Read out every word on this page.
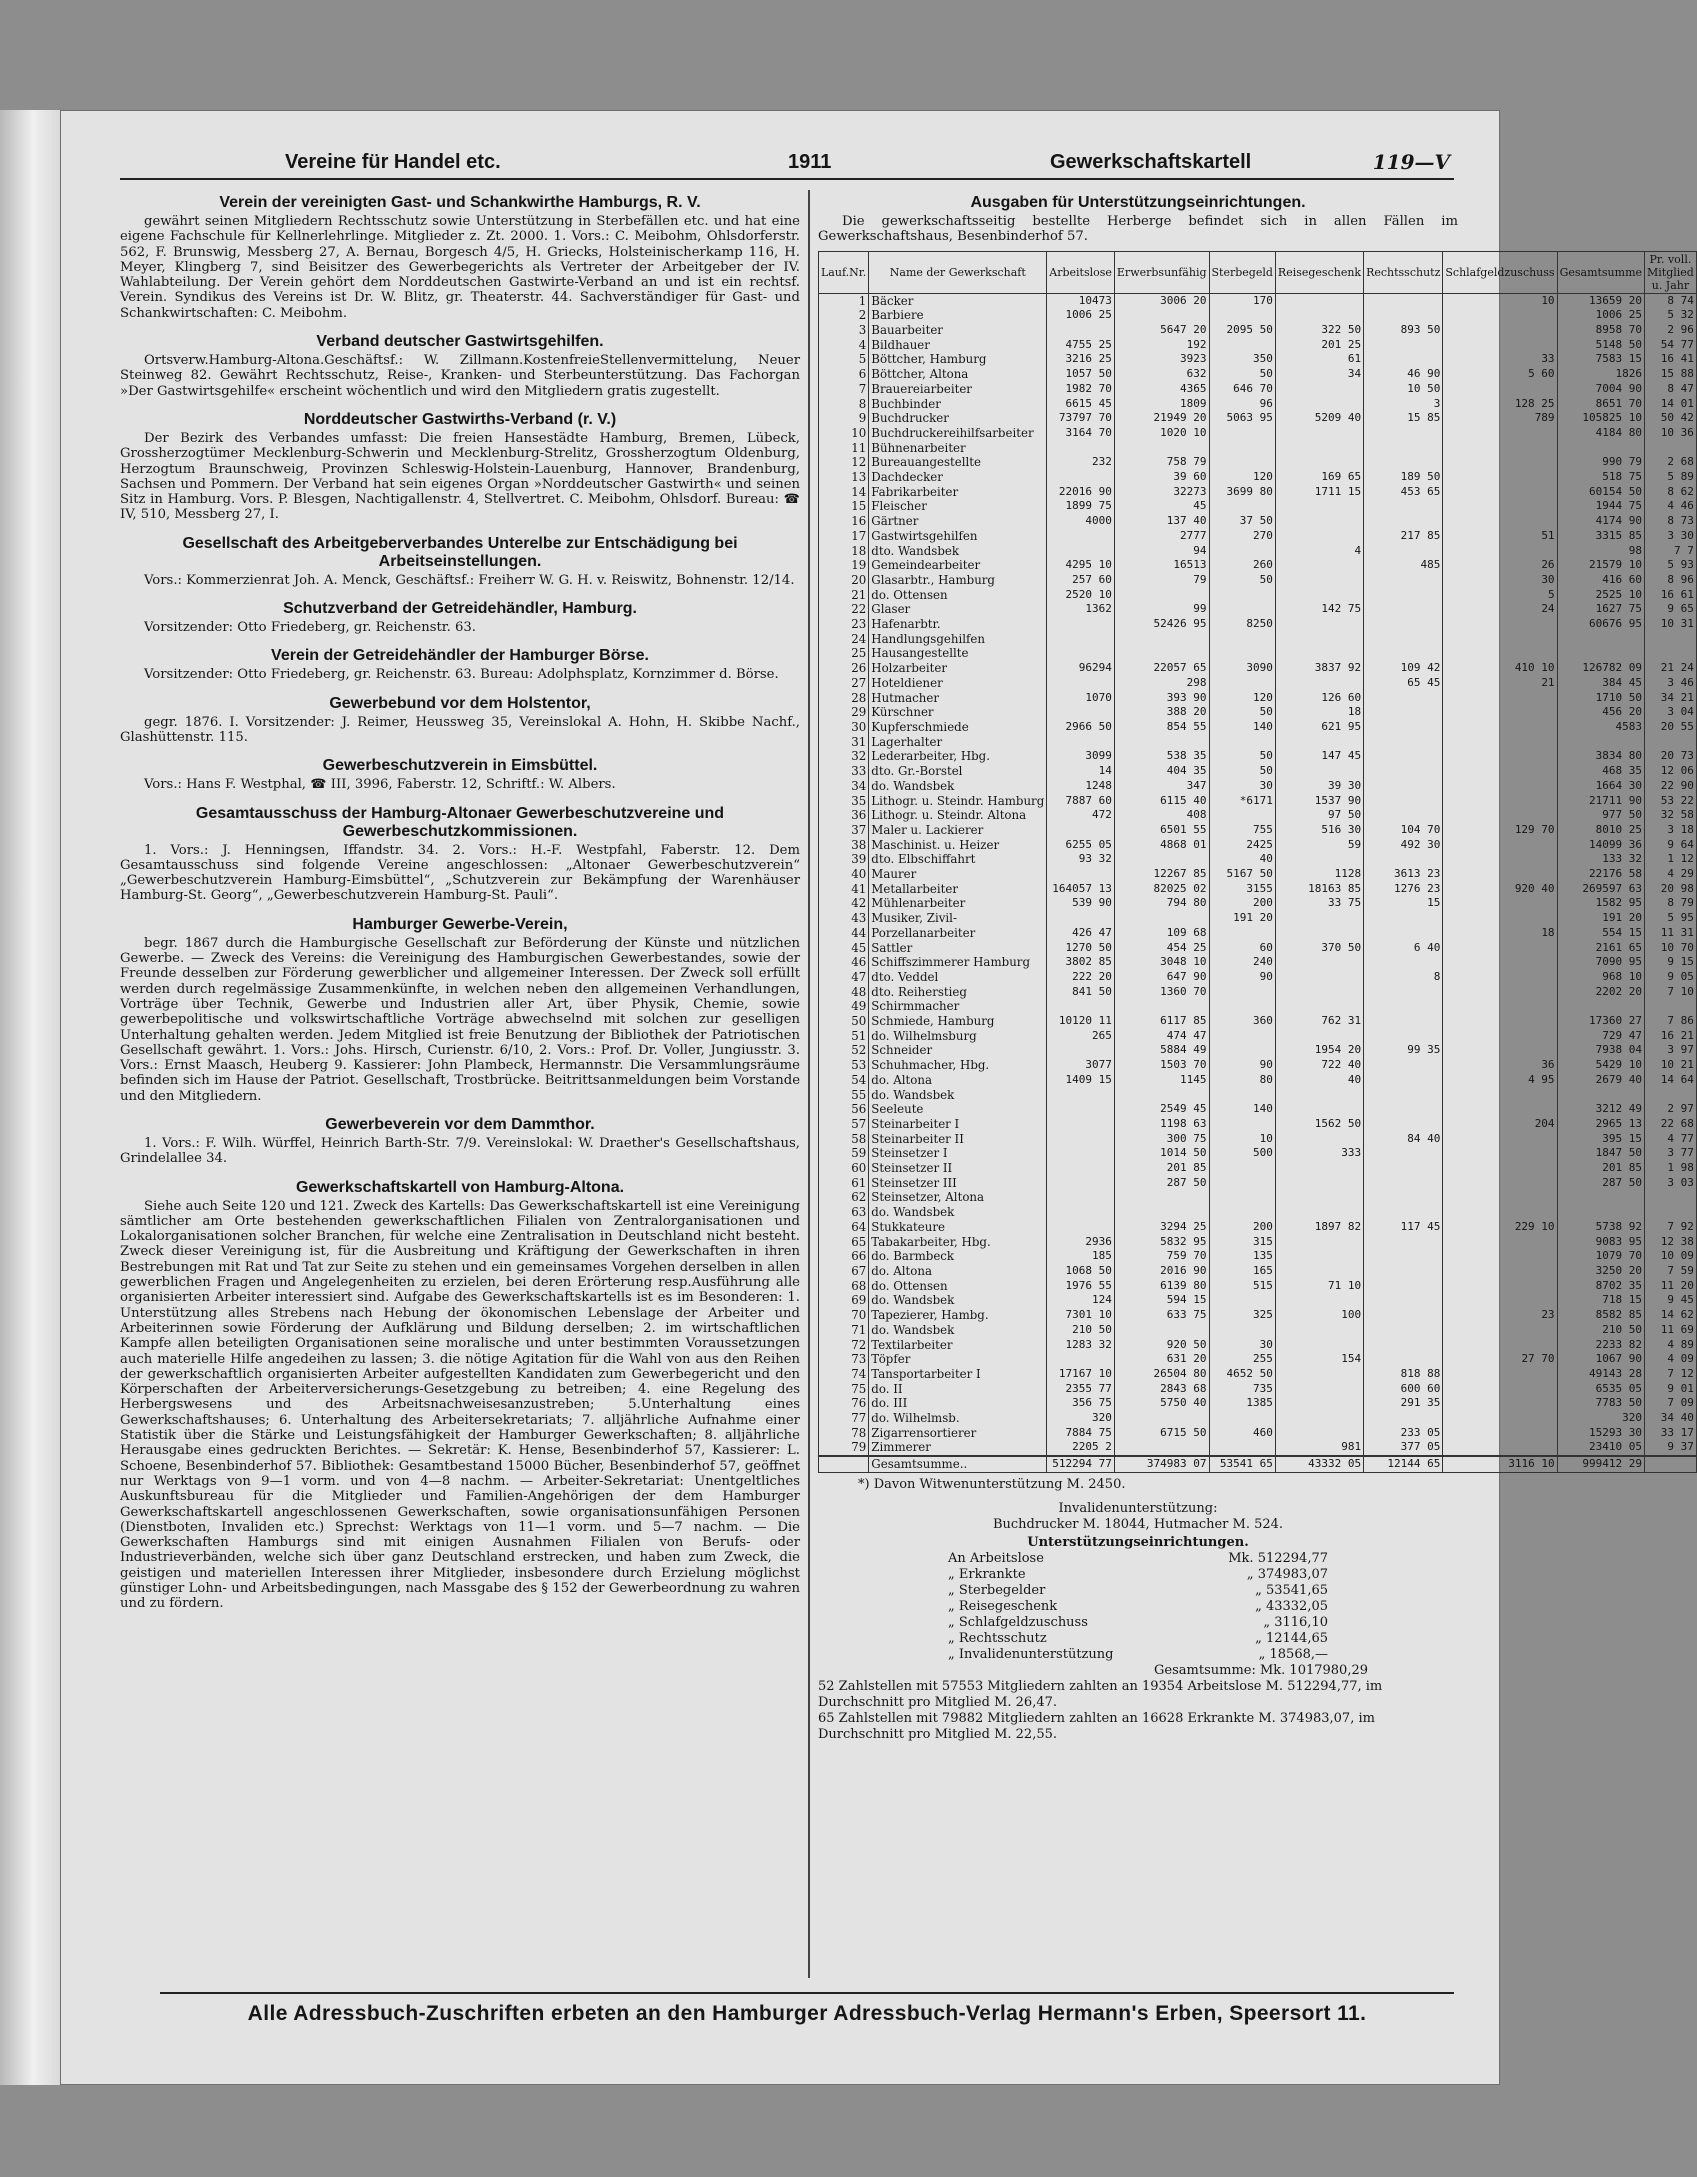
Vereine für Handel etc.	1911	Gewerkschaftskartell	119—V
Verein der vereinigten Gast- und Schankwirthe Hamburgs, R. V.

gewährt seinen Mitgliedern Rechtsschutz sowie Unterstützung in Sterbefällen etc. und hat eine eigene Fachschule für Kellnerlehrlinge. Mitglieder z. Zt. 2000. 1. Vors.: C. Meibohm, Ohlsdorferstr. 562, F. Brunswig, Messberg 27, A. Bernau, Borgesch 4/5, H. Griecks, Holsteinischerkamp 116, H. Meyer, Klingberg 7, sind Beisitzer des Gewerbegerichts als Vertreter der Arbeitgeber der IV. Wahlabteilung. Der Verein gehört dem Norddeutschen Gastwirte-Verband an und ist ein rechtsf. Verein. Syndikus des Vereins ist Dr. W. Blitz, gr. Theaterstr. 44. Sachverständiger für Gast- und Schankwirtschaften: C. Meibohm.

Verband deutscher Gastwirtsgehilfen.

Ortsverw.Hamburg-Altona.Geschäftsf.: W. Zillmann.KostenfreieStellenvermittelung, Neuer Steinweg 82. Gewährt Rechtsschutz, Reise-, Kranken- und Sterbeunterstützung. Das Fachorgan »Der Gastwirtsgehilfe« erscheint wöchentlich und wird den Mitgliedern gratis zugestellt.

Norddeutscher Gastwirths-Verband (r. V.)

Der Bezirk des Verbandes umfasst: Die freien Hansestädte Hamburg, Bremen, Lübeck, Grossherzogtümer Mecklenburg-Schwerin und Mecklenburg-Strelitz, Grossherzogtum Oldenburg, Herzogtum Braunschweig, Provinzen Schleswig-Holstein-Lauenburg, Hannover, Brandenburg, Sachsen und Pommern. Der Verband hat sein eigenes Organ »Norddeutscher Gastwirth« und seinen Sitz in Hamburg. Vors. P. Blesgen, Nachtigallenstr. 4, Stellvertret. C. Meibohm, Ohlsdorf. Bureau: ☎ IV, 510, Messberg 27, I.

Gesellschaft des Arbeitgeberverbandes Unterelbe zur Entschädigung bei Arbeitseinstellungen.

Vors.: Kommerzienrat Joh. A. Menck, Geschäftsf.: Freiherr W. G. H. v. Reiswitz, Bohnenstr. 12/14.

Schutzverband der Getreidehändler, Hamburg.

Vorsitzender: Otto Friedeberg, gr. Reichenstr. 63.

Verein der Getreidehändler der Hamburger Börse.

Vorsitzender: Otto Friedeberg, gr. Reichenstr. 63. Bureau: Adolphsplatz, Kornzimmer d. Börse.

Gewerbebund vor dem Holstentor,

gegr. 1876. I. Vorsitzender: J. Reimer, Heussweg 35, Vereinslokal A. Hohn, H. Skibbe Nachf., Glashüttenstr. 115.

Gewerbeschutzverein in Eimsbüttel.

Vors.: Hans F. Westphal, ☎ III, 3996, Faberstr. 12, Schriftf.: W. Albers.

Gesamtausschuss der Hamburg-Altonaer Gewerbeschutzvereine und Gewerbeschutzkommissionen.

1. Vors.: J. Henningsen, Iffandstr. 34. 2. Vors.: H.-F. Westpfahl, Faberstr. 12. Dem Gesamtausschuss sind folgende Vereine angeschlossen: „Altonaer Gewerbeschutzverein“ „Gewerbeschutzverein Hamburg-Eimsbüttel“, „Schutzverein zur Bekämpfung der Warenhäuser Hamburg-St. Georg“, „Gewerbeschutzverein Hamburg-St. Pauli“.

Hamburger Gewerbe-Verein,

begr. 1867 durch die Hamburgische Gesellschaft zur Beförderung der Künste und nützlichen Gewerbe. — Zweck des Vereins: die Vereinigung des Hamburgischen Gewerbestandes, sowie der Freunde desselben zur Förderung gewerblicher und allgemeiner Interessen. Der Zweck soll erfüllt werden durch regelmässige Zusammenkünfte, in welchen neben den allgemeinen Verhandlungen, Vorträge über Technik, Gewerbe und Industrien aller Art, über Physik, Chemie, sowie gewerbepolitische und volkswirtschaftliche Vorträge abwechselnd mit solchen zur geselligen Unterhaltung gehalten werden. Jedem Mitglied ist freie Benutzung der Bibliothek der Patriotischen Gesellschaft gewährt. 1. Vors.: Johs. Hirsch, Curienstr. 6/10, 2. Vors.: Prof. Dr. Voller, Jungiusstr. 3. Vors.: Ernst Maasch, Heuberg 9. Kassierer: John Plambeck, Hermannstr. Die Versammlungsräume befinden sich im Hause der Patriot. Gesellschaft, Trostbrücke. Beitrittsanmeldungen beim Vorstande und den Mitgliedern.

Gewerbeverein vor dem Dammthor.

1. Vors.: F. Wilh. Würffel, Heinrich Barth-Str. 7/9. Vereinslokal: W. Draether's Gesellschaftshaus, Grindelallee 34.

Gewerkschaftskartell von Hamburg-Altona.

Siehe auch Seite 120 und 121. Zweck des Kartells: Das Gewerkschaftskartell ist eine Vereinigung sämtlicher am Orte bestehenden gewerkschaftlichen Filialen von Zentralorganisationen und Lokalorganisationen solcher Branchen, für welche eine Zentralisation in Deutschland nicht besteht. Zweck dieser Vereinigung ist, für die Ausbreitung und Kräftigung der Gewerkschaften in ihren Bestrebungen mit Rat und Tat zur Seite zu stehen und ein gemeinsames Vorgehen derselben in allen gewerblichen Fragen und Angelegenheiten zu erzielen, bei deren Erörterung resp.Ausführung alle organisierten Arbeiter interessiert sind. Aufgabe des Gewerkschaftskartells ist es im Besonderen: 1. Unterstützung alles Strebens nach Hebung der ökonomischen Lebenslage der Arbeiter und Arbeiterinnen sowie Förderung der Aufklärung und Bildung derselben; 2. im wirtschaftlichen Kampfe allen beteiligten Organisationen seine moralische und unter bestimmten Voraussetzungen auch materielle Hilfe angedeihen zu lassen; 3. die nötige Agitation für die Wahl von aus den Reihen der gewerkschaftlich organisierten Arbeiter aufgestellten Kandidaten zum Gewerbegericht und den Körperschaften der Arbeiterversicherungs-Gesetzgebung zu betreiben; 4. eine Regelung des Herbergswesens und des Arbeitsnachweisesanzustreben; 5.Unterhaltung eines Gewerkschaftshauses; 6. Unterhaltung des Arbeitersekretariats; 7. alljährliche Aufnahme einer Statistik über die Stärke und Leistungsfähigkeit der Hamburger Gewerkschaften; 8. alljährliche Herausgabe eines gedruckten Berichtes. — Sekretär: K. Hense, Besenbinderhof 57, Kassierer: L. Schoene, Besenbinderhof 57. Bibliothek: Gesamtbestand 15000 Bücher, Besenbinderhof 57, geöffnet nur Werktags von 9—1 vorm. und von 4—8 nachm. — Arbeiter-Sekretariat: Unentgeltliches Auskunftsbureau für die Mitglieder und Familien-Angehörigen der dem Hamburger Gewerkschaftskartell angeschlossenen Gewerkschaften, sowie organisationsunfähigen Personen (Dienstboten, Invaliden etc.) Sprechst: Werktags von 11—1 vorm. und 5—7 nachm. — Die Gewerkschaften Hamburgs sind mit einigen Ausnahmen Filialen von Berufs- oder Industrieverbänden, welche sich über ganz Deutschland erstrecken, und haben zum Zweck, die geistigen und materiellen Interessen ihrer Mitglieder, insbesondere durch Erzielung möglichst günstiger Lohn- und Arbeitsbedingungen, nach Massgabe des § 152 der Gewerbeordnung zu wahren und zu fördern.

Ausgaben für Unterstützungseinrichtungen.

Die gewerkschaftsseitig bestellte Herberge befindet sich in allen Fällen im Gewerkschaftshaus, Besenbinderhof 57.

Lauf.Nr.	Name der Gewerkschaft	Arbeitslose	Erwerbsunfähig	Sterbegeld	Reisegeschenk	Rechtsschutz	Schlafgeldzuschuss	Gesamtsumme	Pr. voll. Mitglied u. Jahr
1	Bäcker	10473	3006 20	170			10	13659 20	8 74
2	Barbiere	1006 25						1006 25	5 32
3	Bauarbeiter		5647 20	2095 50	322 50	893 50		8958 70	2 96
4	Bildhauer	4755 25	192		201 25			5148 50	54 77
5	Böttcher, Hamburg	3216 25	3923	350	61		33	7583 15	16 41
6	Böttcher, Altona	1057 50	632	50	34	46 90	5 60	1826	15 88
7	Brauereiarbeiter	1982 70	4365	646 70		10 50		7004 90	8 47
8	Buchbinder	6615 45	1809	96		3	128 25	8651 70	14 01
9	Buchdrucker	73797 70	21949 20	5063 95	5209 40	15 85	789	105825 10	50 42
10	Buchdruckereihilfsarbeiter	3164 70	1020 10					4184 80	10 36
11	Bühnenarbeiter								
12	Bureauangestellte	232	758 79					990 79	2 68
13	Dachdecker		39 60	120	169 65	189 50		518 75	5 89
14	Fabrikarbeiter	22016 90	32273	3699 80	1711 15	453 65		60154 50	8 62
15	Fleischer	1899 75	45					1944 75	4 46
16	Gärtner	4000	137 40	37 50				4174 90	8 73
17	Gastwirtsgehilfen		2777	270		217 85	51	3315 85	3 30
18	dto. Wandsbek		94		4			98	7 7
19	Gemeindearbeiter	4295 10	16513	260		485	26	21579 10	5 93
20	Glasarbtr., Hamburg	257 60	79	50			30	416 60	8 96
21	do. Ottensen	2520 10					5	2525 10	16 61
22	Glaser	1362	99		142 75		24	1627 75	9 65
23	Hafenarbtr.		52426 95	8250				60676 95	10 31
24	Handlungsgehilfen								
25	Hausangestellte								
26	Holzarbeiter	96294	22057 65	3090	3837 92	109 42	410 10	126782 09	21 24
27	Hoteldiener		298			65 45	21	384 45	3 46
28	Hutmacher	1070	393 90	120	126 60			1710 50	34 21
29	Kürschner		388 20	50	18			456 20	3 04
30	Kupferschmiede	2966 50	854 55	140	621 95			4583	20 55
31	Lagerhalter								
32	Lederarbeiter, Hbg.	3099	538 35	50	147 45			3834 80	20 73
33	dto. Gr.-Borstel	14	404 35	50				468 35	12 06
34	do. Wandsbek	1248	347	30	39 30			1664 30	22 90
35	Lithogr. u. Steindr. Hamburg	7887 60	6115 40	*6171	1537 90			21711 90	53 22
36	Lithogr. u. Steindr. Altona	472	408		97 50			977 50	32 58
37	Maler u. Lackierer		6501 55	755	516 30	104 70	129 70	8010 25	3 18
38	Maschinist. u. Heizer	6255 05	4868 01	2425	59	492 30		14099 36	9 64
39	dto. Elbschiffahrt	93 32		40				133 32	1 12
40	Maurer		12267 85	5167 50	1128	3613 23		22176 58	4 29
41	Metallarbeiter	164057 13	82025 02	3155	18163 85	1276 23	920 40	269597 63	20 98
42	Mühlenarbeiter	539 90	794 80	200	33 75	15		1582 95	8 79
43	Musiker, Zivil-			191 20				191 20	5 95
44	Porzellanarbeiter	426 47	109 68				18	554 15	11 31
45	Sattler	1270 50	454 25	60	370 50	6 40		2161 65	10 70
46	Schiffszimmerer Hamburg	3802 85	3048 10	240				7090 95	9 15
47	dto. Veddel	222 20	647 90	90		8		968 10	9 05
48	dto. Reiherstieg	841 50	1360 70					2202 20	7 10
49	Schirmmacher								
50	Schmiede, Hamburg	10120 11	6117 85	360	762 31			17360 27	7 86
51	do. Wilhelmsburg	265	474 47					729 47	16 21
52	Schneider		5884 49		1954 20	99 35		7938 04	3 97
53	Schuhmacher, Hbg.	3077	1503 70	90	722 40		36	5429 10	10 21
54	do. Altona	1409 15	1145	80	40		4 95	2679 40	14 64
55	do. Wandsbek								
56	Seeleute		2549 45	140				3212 49	2 97
57	Steinarbeiter I		1198 63		1562 50		204	2965 13	22 68
58	Steinarbeiter II		300 75	10		84 40		395 15	4 77
59	Steinsetzer I		1014 50	500	333			1847 50	3 77
60	Steinsetzer II		201 85					201 85	1 98
61	Steinsetzer III		287 50					287 50	3 03
62	Steinsetzer, Altona								
63	do. Wandsbek								
64	Stukkateure		3294 25	200	1897 82	117 45	229 10	5738 92	7 92
65	Tabakarbeiter, Hbg.	2936	5832 95	315				9083 95	12 38
66	do. Barmbeck	185	759 70	135				1079 70	10 09
67	do. Altona	1068 50	2016 90	165				3250 20	7 59
68	do. Ottensen	1976 55	6139 80	515	71 10			8702 35	11 20
69	do. Wandsbek	124	594 15					718 15	9 45
70	Tapezierer, Hambg.	7301 10	633 75	325	100		23	8582 85	14 62
71	do. Wandsbek	210 50						210 50	11 69
72	Textilarbeiter	1283 32	920 50	30				2233 82	4 89
73	Töpfer		631 20	255	154		27 70	1067 90	4 09
74	Tansportarbeiter I	17167 10	26504 80	4652 50		818 88		49143 28	7 12
75	do. II	2355 77	2843 68	735		600 60		6535 05	9 01
76	do. III	356 75	5750 40	1385		291 35		7783 50	7 09
77	do. Wilhelmsb.	320						320	34 40
78	Zigarrensortierer	7884 75	6715 50	460		233 05		15293 30	33 17
79	Zimmerer	2205 2			981	377 05		23410 05	9 37
	Gesamtsumme..	512294 77	374983 07	53541 65	43332 05	12144 65	3116 10	999412 29	
*) Davon Witwenunterstützung M. 2450.
Invalidenunterstützung:
Buchdrucker M. 18044, Hutmacher M. 524.
Unterstützungseinrichtungen.
An Arbeitslose	Mk. 512294,77
„ Erkrankte	„ 374983,07
„ Sterbegelder	„ 53541,65
„ Reisegeschenk	„ 43332,05
„ Schlafgeldzuschuss	„ 3116,10
„ Rechtsschutz	„ 12144,65
„ Invalidenunterstützung	„ 18568,—
Gesamtsumme: Mk. 1017980,29
52 Zahlstellen mit 57553 Mitgliedern zahlten an 19354 Arbeitslose M. 512294,77, im Durchschnitt pro Mitglied M. 26,47.
65 Zahlstellen mit 79882 Mitgliedern zahlten an 16628 Erkrankte M. 374983,07, im Durchschnitt pro Mitglied M. 22,55.
Alle Adressbuch-Zuschriften erbeten an den Hamburger Adressbuch-Verlag Hermann's Erben, Speersort 11.
